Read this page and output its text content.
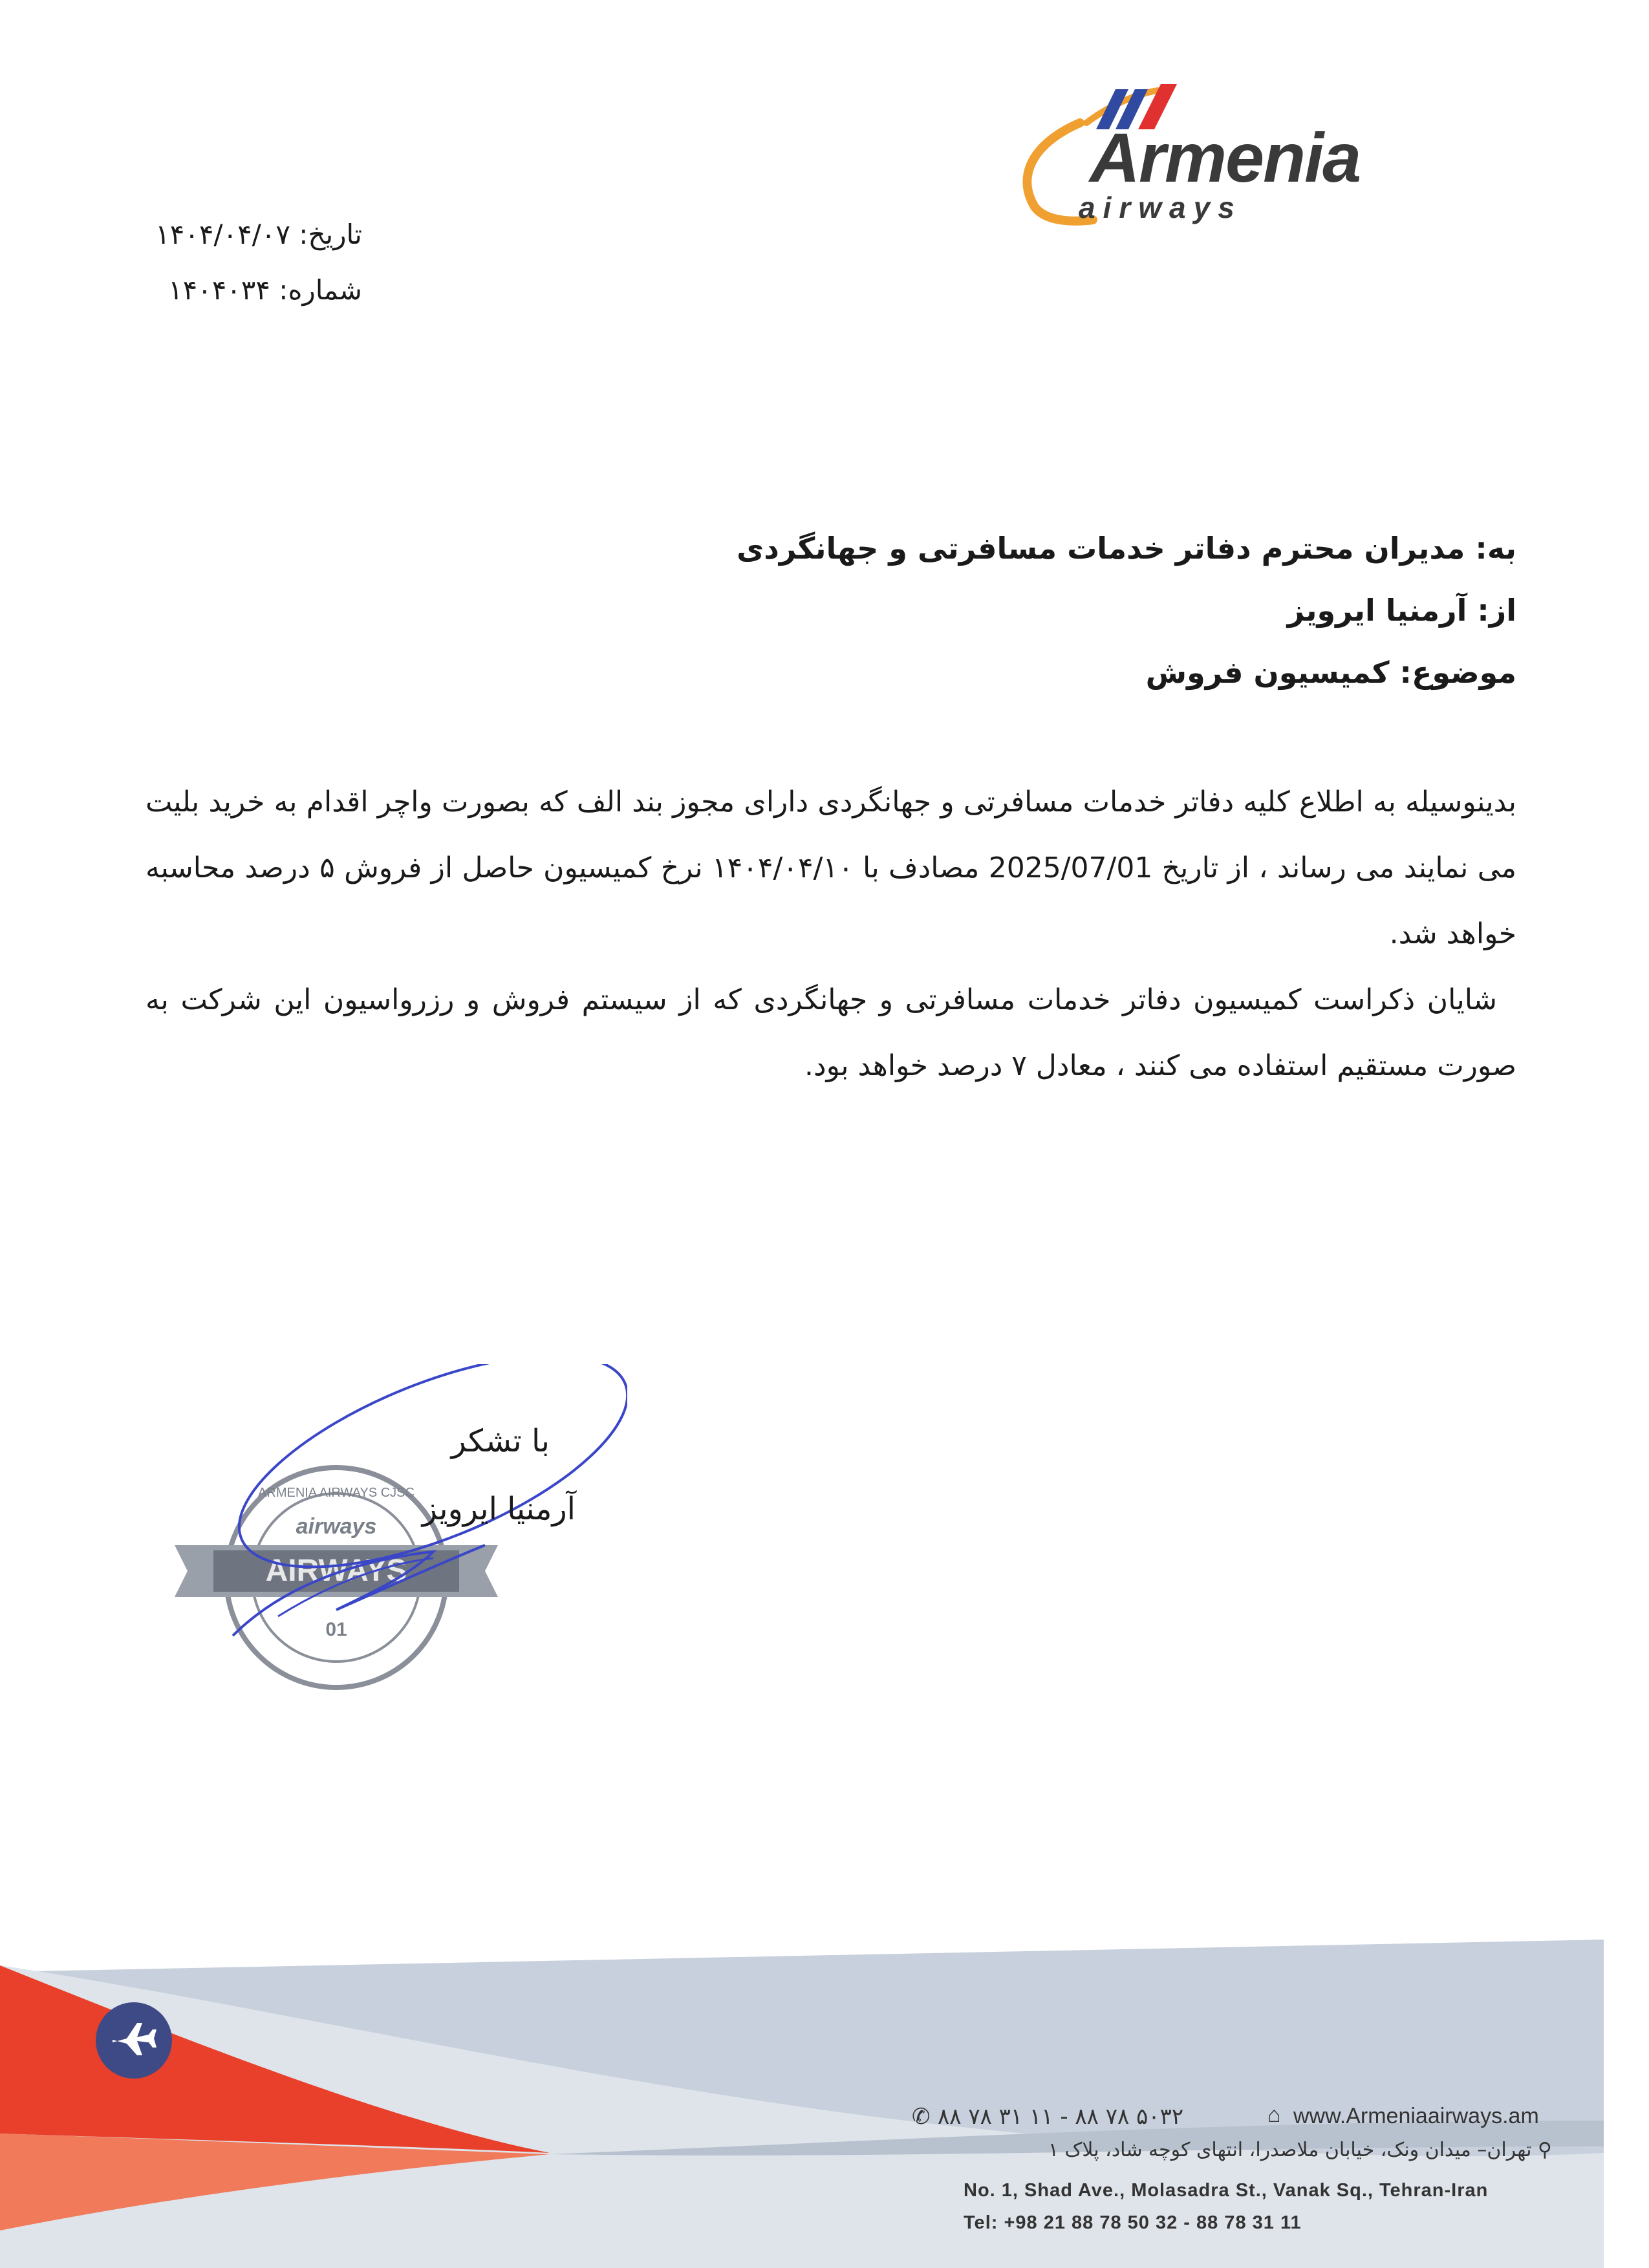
Armenia
airways
تاریخ: ۱۴۰۴/۰۴/۰۷
شماره: ۱۴۰۴۰۳۴
به: مدیران محترم دفاتر خدمات مسافرتی و جهانگردی
از: آرمنیا ایرویز
موضوع: کمیسیون فروش

بدینوسیله به اطلاع کلیه دفاتر خدمات مسافرتی و جهانگردی دارای مجوز بند الف که بصورت واچر اقدام به خرید بلیت می نمایند می رساند ، از تاریخ 2025/07/01 مصادف با ۱۴۰۴/۰۴/۱۰ نرخ کمیسیون حاصل از فروش ۵ درصد محاسبه خواهد شد.

شایان ذکراست کمیسیون دفاتر خدمات مسافرتی و جهانگردی که از سیستم فروش و رزرواسیون این شرکت به صورت مستقیم استفاده می کنند ، معادل ۷ درصد خواهد بود.

AIRWAYS
airways
01
ARMENIA AIRWAYS CJSC
با تشکر
آرمنیا ایرویز
✆ ۸۸ ۷۸ ۳۱ ۱۱ - ۸۸ ۷۸ ۵۰۳۲	⌂ www.Armeniaairways.am
⚲ تهران– میدان ونک، خیابان ملاصدرا، انتهای کوچه شاد، پلاک ۱
No. 1, Shad Ave., Molasadra St., Vanak Sq., Tehran-Iran
Tel: +98 21 88 78 50 32 - 88 78 31 11
